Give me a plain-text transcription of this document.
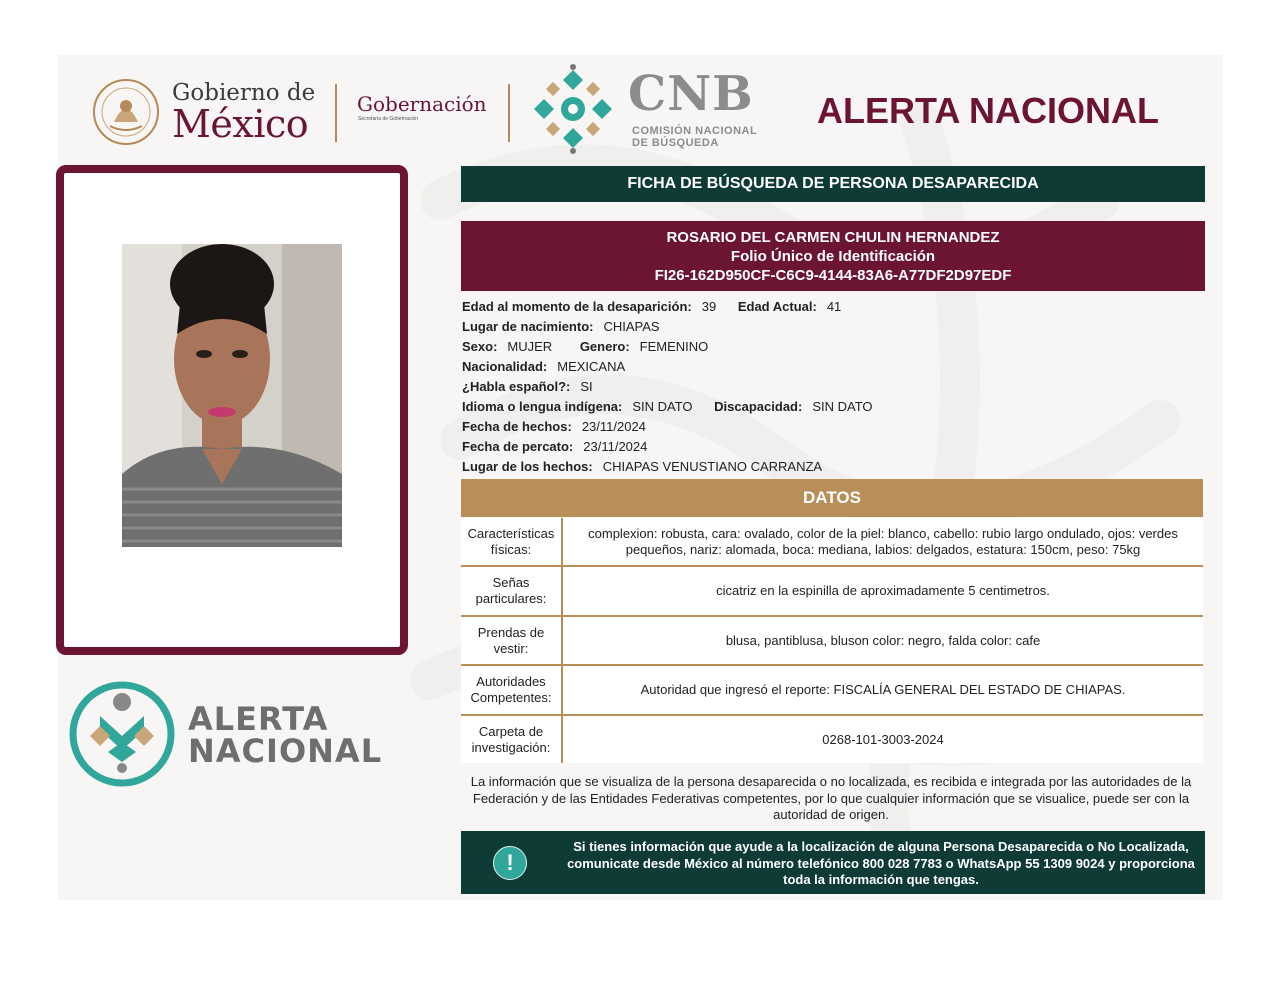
Gobierno de
México Gobernación
Secretaría de Gobernación	CNB
COMISIÓN NACIONAL
DE BÚSQUEDA
ALERTA NACIONAL
ALERTA
NACIONAL
FICHA DE BÚSQUEDA DE PERSONA DESAPARECIDA
ROSARIO DEL CARMEN CHULIN HERNANDEZ
Folio Único de Identificación
FI26-162D950CF-C6C9-4144-83A6-A77DF2D97EDF
Edad al momento de la desaparición: 39 Edad Actual: 41
Lugar de nacimiento: CHIAPAS
Sexo: MUJER Genero: FEMENINO
Nacionalidad: MEXICANA
¿Habla español?: SI
Idioma o lengua indígena: SIN DATO Discapacidad: SIN DATO
Fecha de hechos: 23/11/2024
Fecha de percato: 23/11/2024
Lugar de los hechos: CHIAPAS VENUSTIANO CARRANZA
DATOS
Características
físicas:
complexion: robusta, cara: ovalado, color de la piel: blanco, cabello: rubio largo ondulado, ojos: verdes pequeños, nariz: alomada, boca: mediana, labios: delgados, estatura: 150cm, peso: 75kg
Señas
particulares:
cicatriz en la espinilla de aproximadamente 5 centimetros.
Prendas de
vestir:
blusa, pantiblusa, bluson color: negro, falda color: cafe
Autoridades
Competentes:
Autoridad que ingresó el reporte: FISCALÍA GENERAL DEL ESTADO DE CHIAPAS.
Carpeta de
investigación:
0268-101-3003-2024
La información que se visualiza de la persona desaparecida o no localizada, es recibida e integrada por las autoridades de la Federación y de las Entidades Federativas competentes, por lo que cualquier información que se visualice, puede ser con la autoridad de origen.
!
Si tienes información que ayude a la localización de alguna Persona Desaparecida o No Localizada, comunicate desde México al número telefónico 800 028 7783 o WhatsApp 55 1309 9024 y proporciona toda la información que tengas.
